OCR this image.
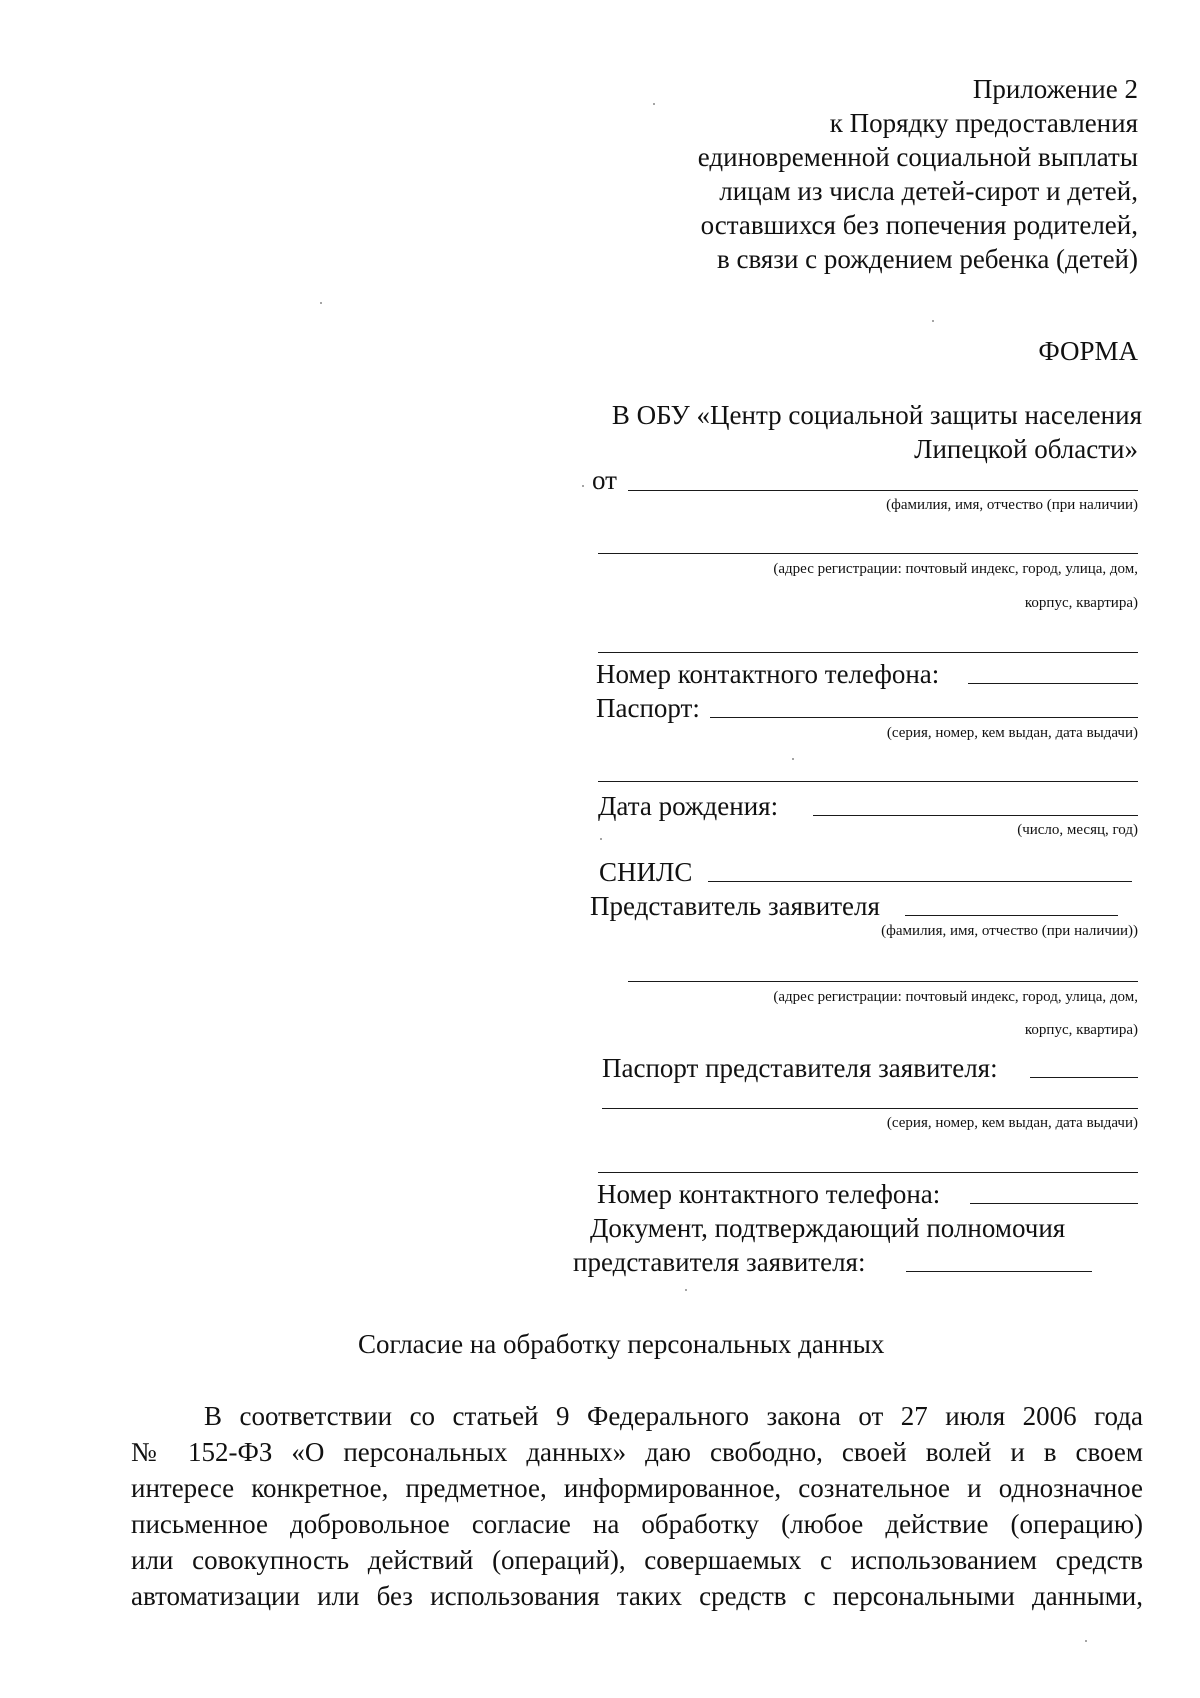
Приложение 2
к Порядку предоставления
единовременной социальной выплаты
лицам из числа детей-сирот и детей,
оставшихся без попечения родителей,
в связи с рождением ребенка (детей)
ФОРМА
В ОБУ «Центр социальной защиты населения
Липецкой области»
от
(фамилия, имя, отчество (при наличии)
(адрес регистрации: почтовый индекс, город, улица, дом,
корпус, квартира)
Номер контактного телефона:
Паспорт:
(серия, номер, кем выдан, дата выдачи)
Дата рождения:
(число, месяц, год)
СНИЛС
Представитель заявителя
(фамилия, имя, отчество (при наличии))
(адрес регистрации: почтовый индекс, город, улица, дом,
корпус, квартира)
Паспорт представителя заявителя:
(серия, номер, кем выдан, дата выдачи)
Номер контактного телефона:
Документ, подтверждающий полномочия
представителя заявителя:
Согласие на обработку персональных данных
В соответствии со статьей 9 Федерального закона от 27 июля 2006 года
№ 152-ФЗ «О персональных данных» даю свободно, своей волей и в своем
интересе конкретное, предметное, информированное, сознательное и однозначное
письменное добровольное согласие на обработку (любое действие (операцию)
или совокупность действий (операций), совершаемых с использованием средств
автоматизации или без использования таких средств с персональными данными,
